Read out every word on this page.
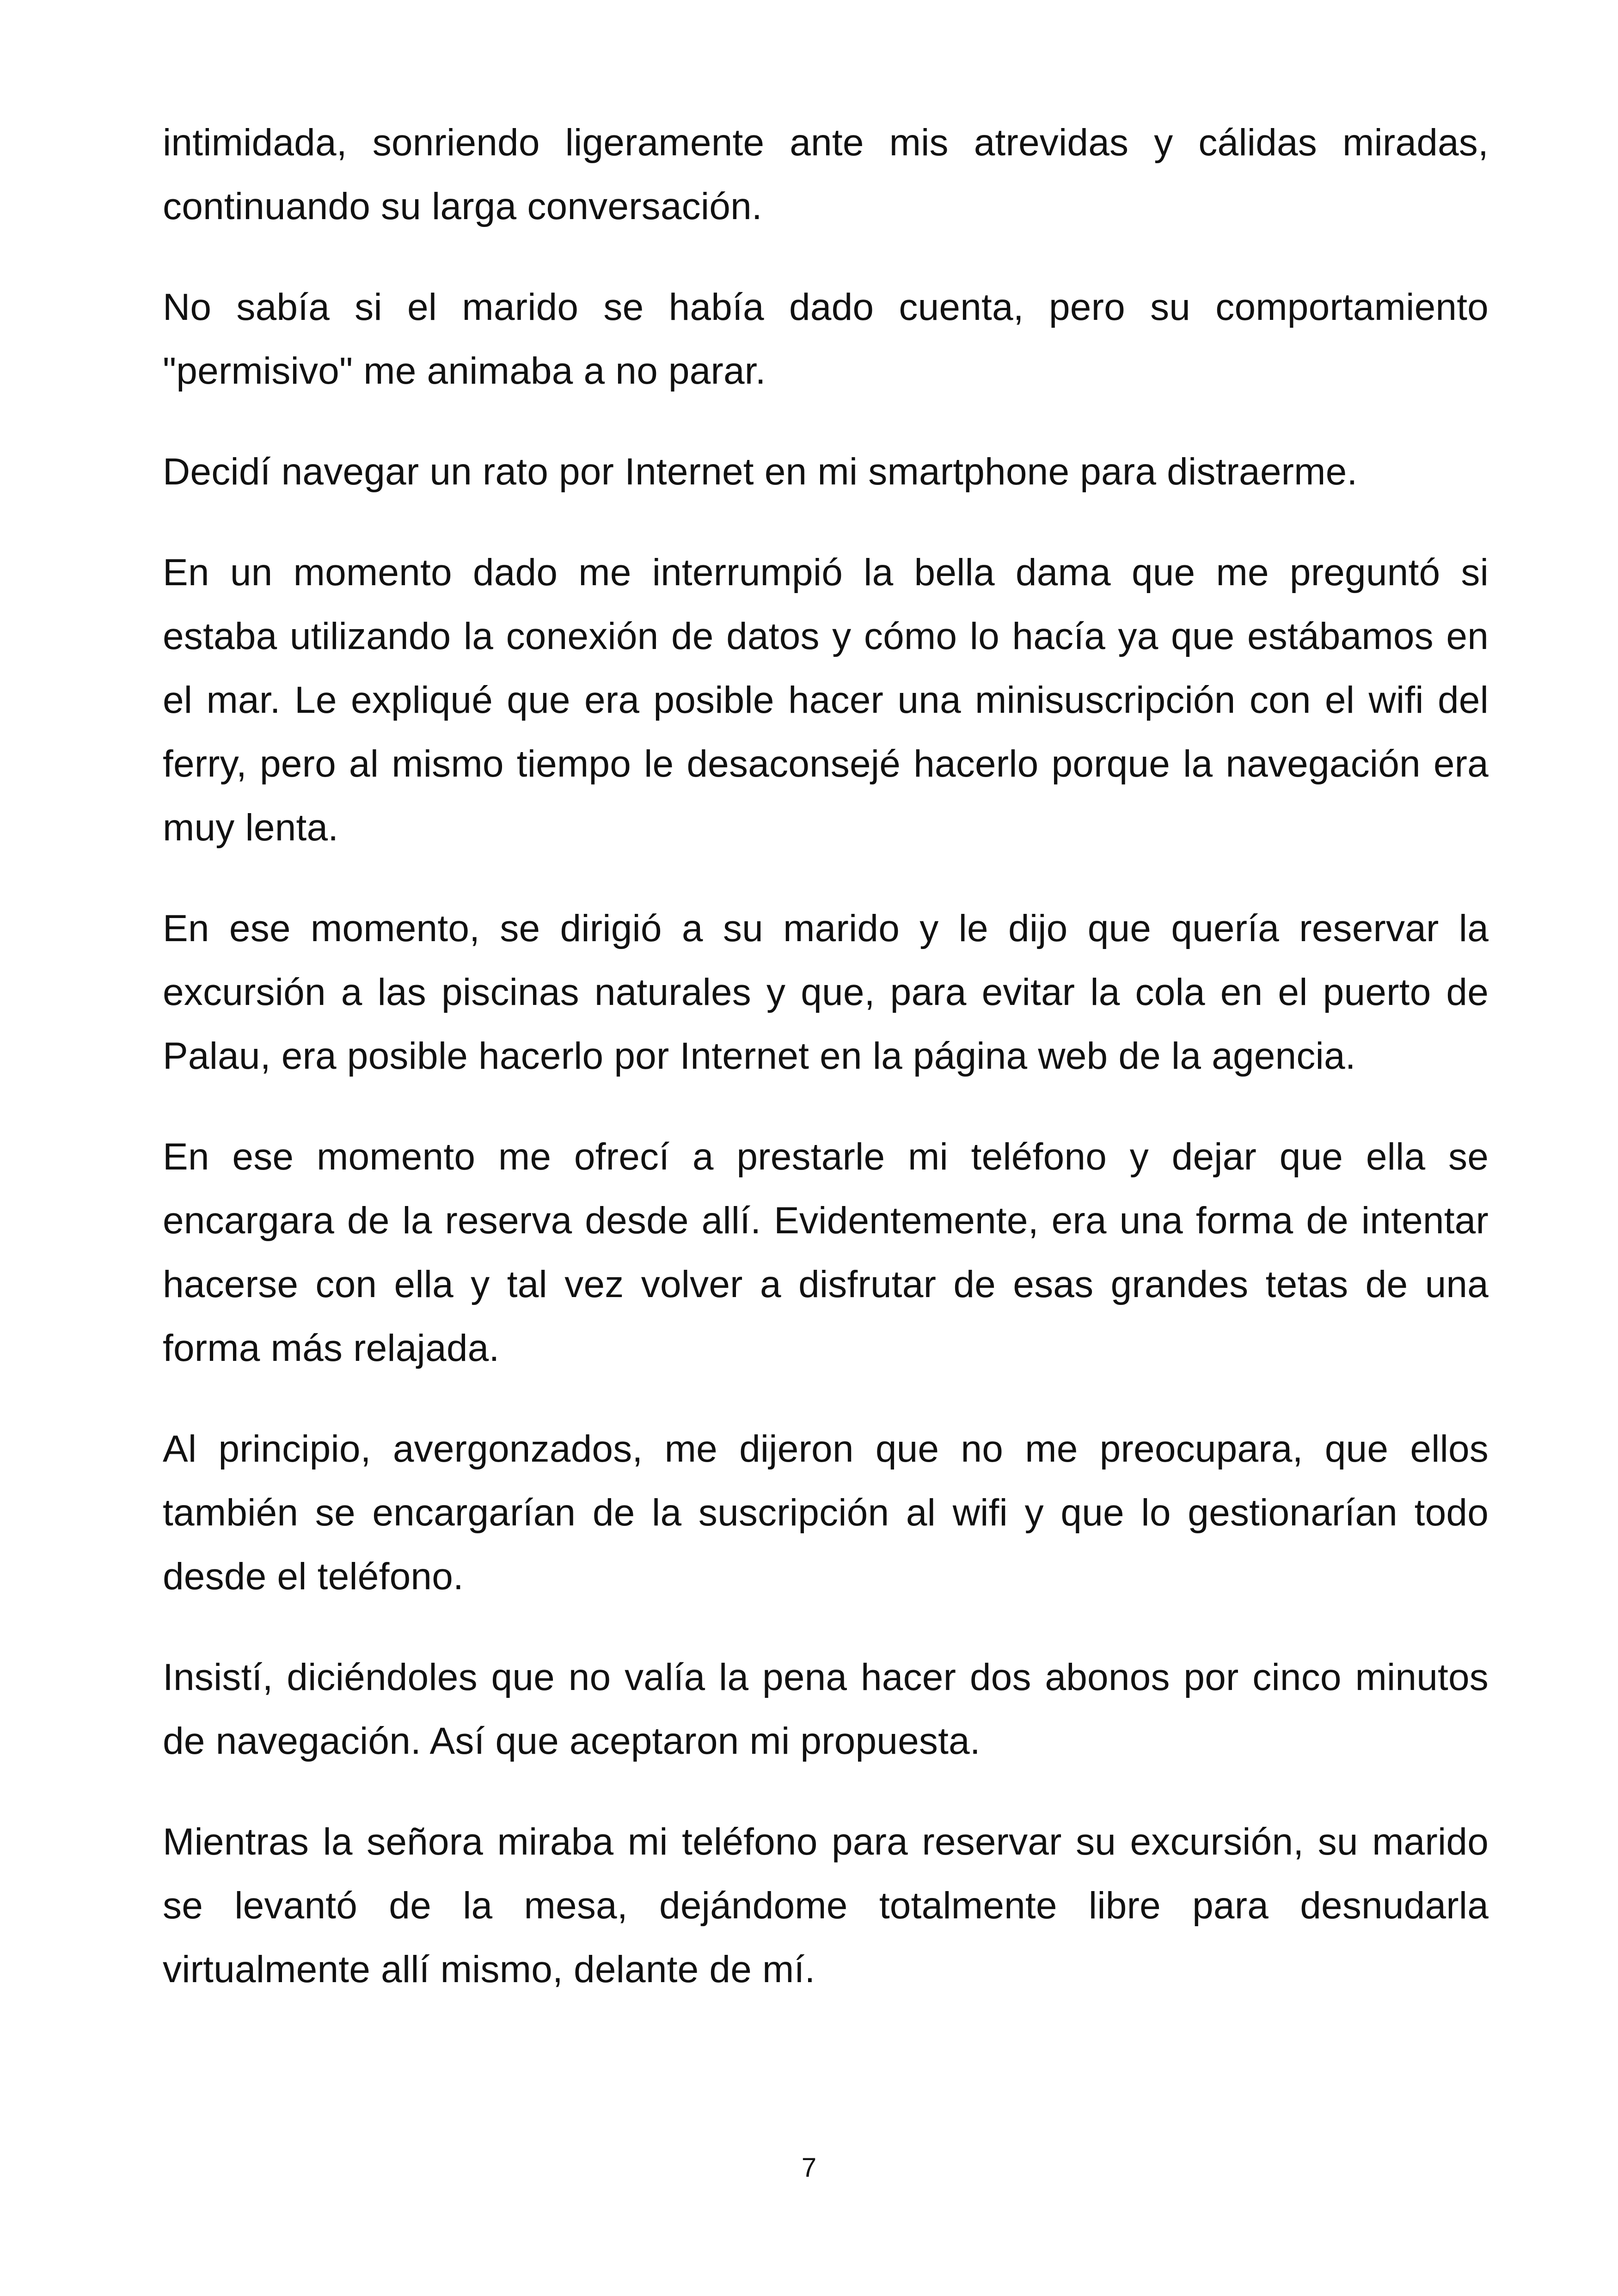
intimidada, sonriendo ligeramente ante mis atrevidas y cálidas miradas, continuando su larga conversación.

No sabía si el marido se había dado cuenta, pero su comportamiento "permisivo" me animaba a no parar.

Decidí navegar un rato por Internet en mi smartphone para distraerme.

En un momento dado me interrumpió la bella dama que me preguntó si estaba utilizando la conexión de datos y cómo lo hacía ya que estábamos en el mar. Le expliqué que era posible hacer una minisuscripción con el wifi del ferry, pero al mismo tiempo le desaconsejé hacerlo porque la navegación era muy lenta.

En ese momento, se dirigió a su marido y le dijo que quería reservar la excursión a las piscinas naturales y que, para evitar la cola en el puerto de Palau, era posible hacerlo por Internet en la página web de la agencia.

En ese momento me ofrecí a prestarle mi teléfono y dejar que ella se encargara de la reserva desde allí. Evidentemente, era una forma de intentar hacerse con ella y tal vez volver a disfrutar de esas grandes tetas de una forma más relajada.

Al principio, avergonzados, me dijeron que no me preocupara, que ellos también se encargarían de la suscripción al wifi y que lo gestionarían todo desde el teléfono.

Insistí, diciéndoles que no valía la pena hacer dos abonos por cinco minutos de navegación. Así que aceptaron mi propuesta.

Mientras la señora miraba mi teléfono para reservar su excursión, su marido se levantó de la mesa, dejándome totalmente libre para desnudarla virtualmente allí mismo, delante de mí.

7
